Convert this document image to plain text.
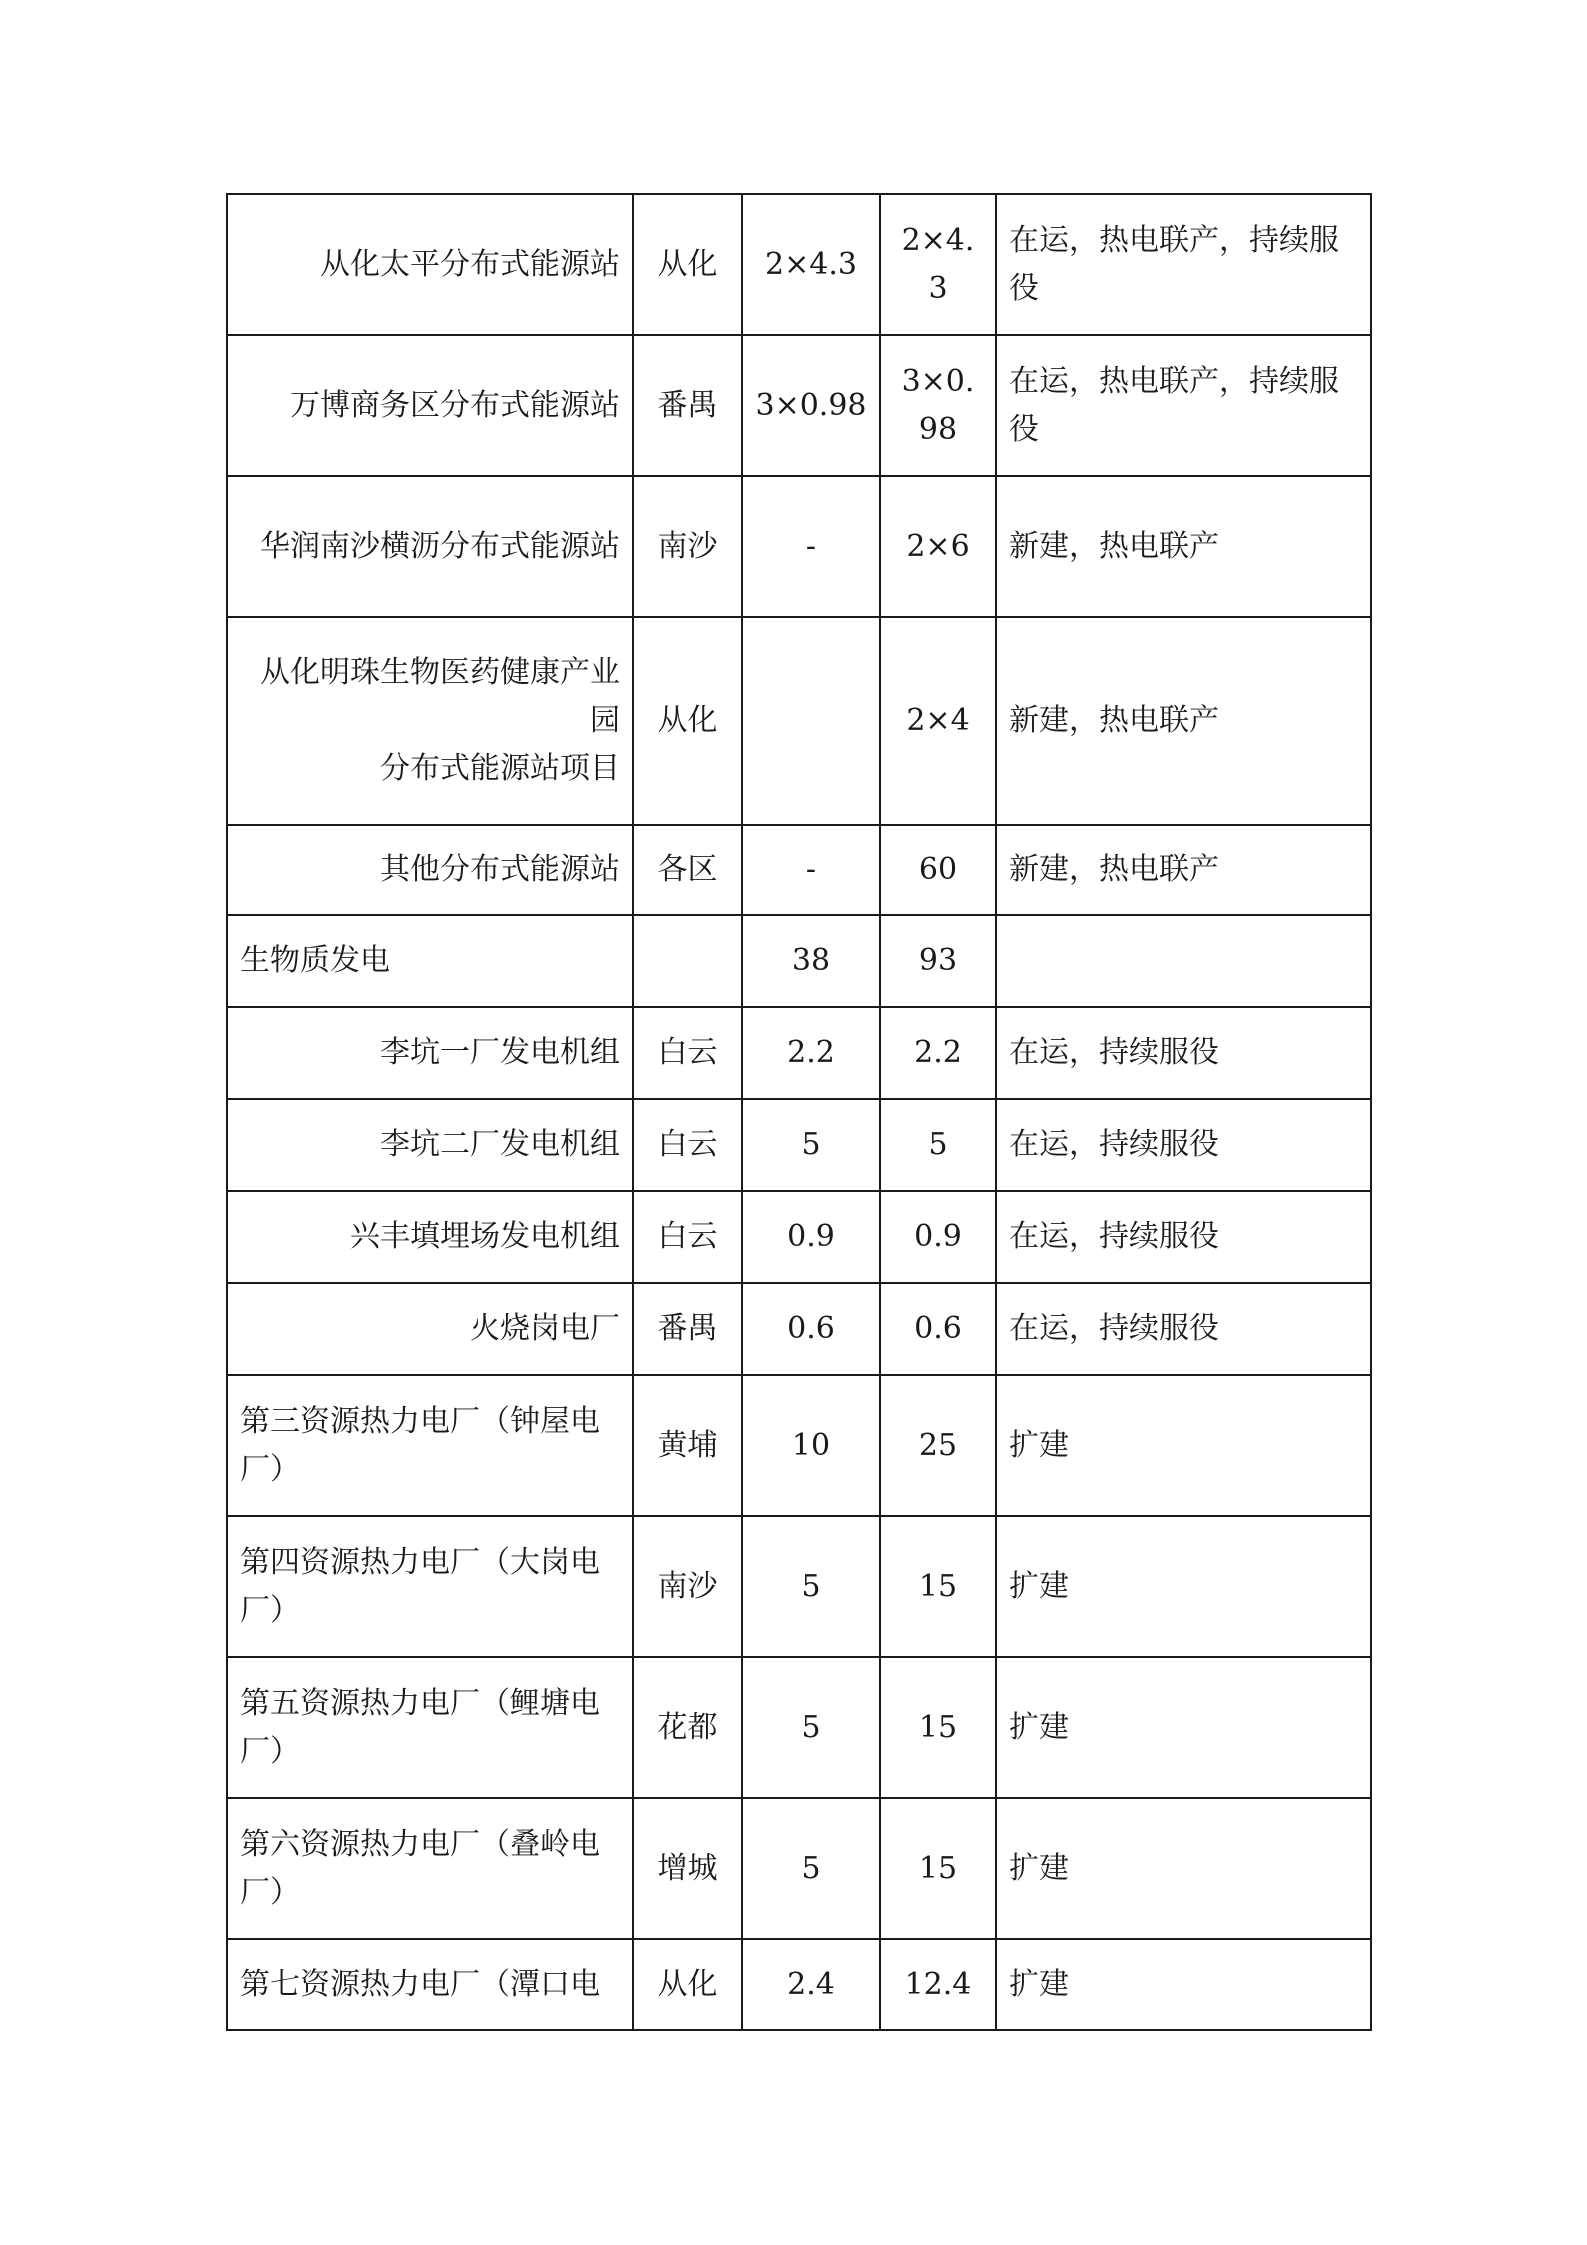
从化太平分布式能源站	从化	2×4.3	2×4.3	在运，热电联产，持续服役
万博商务区分布式能源站	番禺	3×0.98	3×0.98	在运，热电联产，持续服役
华润南沙横沥分布式能源站	南沙	-	2×6	新建，热电联产

从化明珠生物医药健康产业园
分布式能源站项目	从化		2×4	新建，热电联产
其他分布式能源站	各区	-	60	新建，热电联产
生物质发电		38	93	
李坑一厂发电机组	白云	2.2	2.2	在运，持续服役
李坑二厂发电机组	白云	5	5	在运，持续服役
兴丰填埋场发电机组	白云	0.9	0.9	在运，持续服役
火烧岗电厂	番禺	0.6	0.6	在运，持续服役
第三资源热力电厂（钟屋电厂）	黄埔	10	25	扩建
第四资源热力电厂（大岗电厂）	南沙	5	15	扩建
第五资源热力电厂（鲤塘电厂）	花都	5	15	扩建
第六资源热力电厂（叠岭电厂）	增城	5	15	扩建
第七资源热力电厂（潭口电	从化	2.4	12.4	扩建
